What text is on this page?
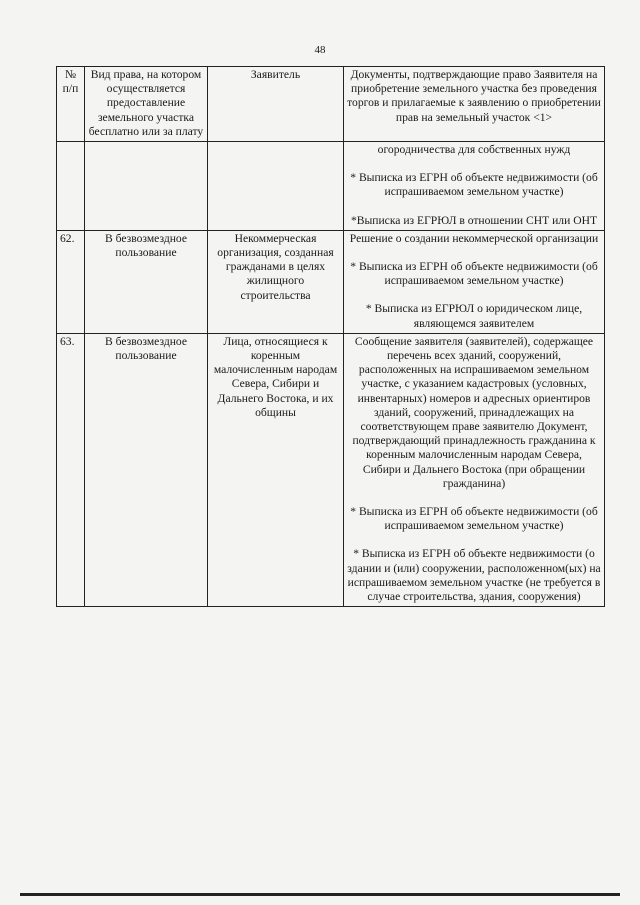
48
№ п/п	Вид права, на котором осуществляется предоставление земельного участка бесплатно или за плату	Заявитель	Документы, подтверждающие право Заявителя на приобретение земельного участка без проведения торгов и прилагаемые к заявлению о приобретении прав на земельный участок <1>

			огородничества для собственных нужд

* Выписка из ЕГРН об объекте недвижимости (об испрашиваемом земельном участке)

*Выписка из ЕГРЮЛ в отношении СНТ или ОНТ

62.	В безвозмездное пользование	Некоммерческая организация, созданная гражданами в целях жилищного строительства	Решение о создании некоммерческой организации

* Выписка из ЕГРН об объекте недвижимости (об испрашиваемом земельном участке)

* Выписка из ЕГРЮЛ о юридическом лице, являющемся заявителем

63.	В безвозмездное пользование	Лица, относящиеся к коренным малочисленным народам Севера, Сибири и Дальнего Востока, и их общины	Сообщение заявителя (заявителей), содержащее перечень всех зданий, сооружений, расположенных на испрашиваемом земельном участке, с указанием кадастровых (условных, инвентарных) номеров и адресных ориентиров зданий, сооружений, принадлежащих на соответствующем праве заявителю Документ, подтверждающий принадлежность гражданина к коренным малочисленным народам Севера, Сибири и Дальнего Востока (при обращении гражданина)

* Выписка из ЕГРН об объекте недвижимости (об испрашиваемом земельном участке)

* Выписка из ЕГРН об объекте недвижимости (о здании и (или) сооружении, расположенном(ых) на испрашиваемом земельном участке (не требуется в случае строительства, здания, сооружения)
